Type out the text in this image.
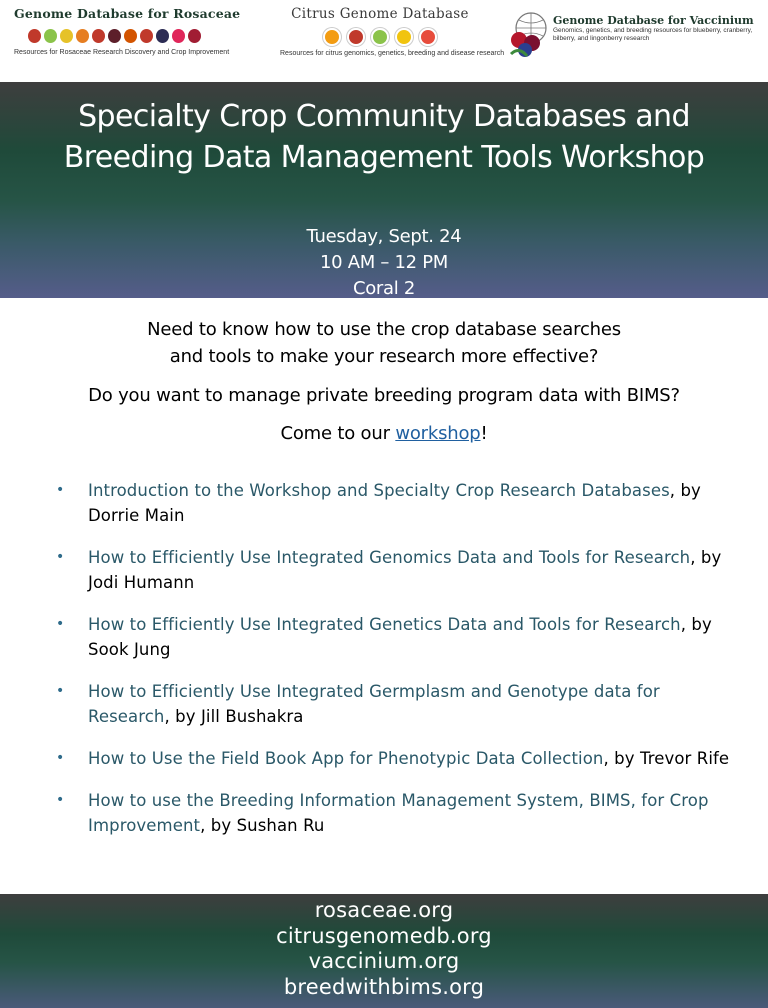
Genome Database for Rosaceae
Resources for Rosaceae Research Discovery and Crop Improvement
Citrus Genome Database
Resources for citrus genomics, genetics, breeding and disease research
Genome Database for Vaccinium
Genomics, genetics, and breeding resources for blueberry, cranberry, bilberry, and lingonberry research
Specialty Crop Community Databases and
Breeding Data Management Tools Workshop
Tuesday, Sept. 24
10 AM – 12 PM
Coral 2

Need to know how to use the crop database searches
and tools to make your research more effective?

Do you want to manage private breeding program data with BIMS?

Come to our workshop!

• Introduction to the Workshop and Specialty Crop Research Databases, by Dorrie Main
• How to Efficiently Use Integrated Genomics Data and Tools for Research, by Jodi Humann
• How to Efficiently Use Integrated Genetics Data and Tools for Research, by Sook Jung
• How to Efficiently Use Integrated Germplasm and Genotype data for Research, by Jill Bushakra
• How to Use the Field Book App for Phenotypic Data Collection, by Trevor Rife
• How to use the Breeding Information Management System, BIMS, for Crop Improvement, by Sushan Ru
rosaceae.org
citrusgenomedb.org
vaccinium.org
breedwithbims.org
